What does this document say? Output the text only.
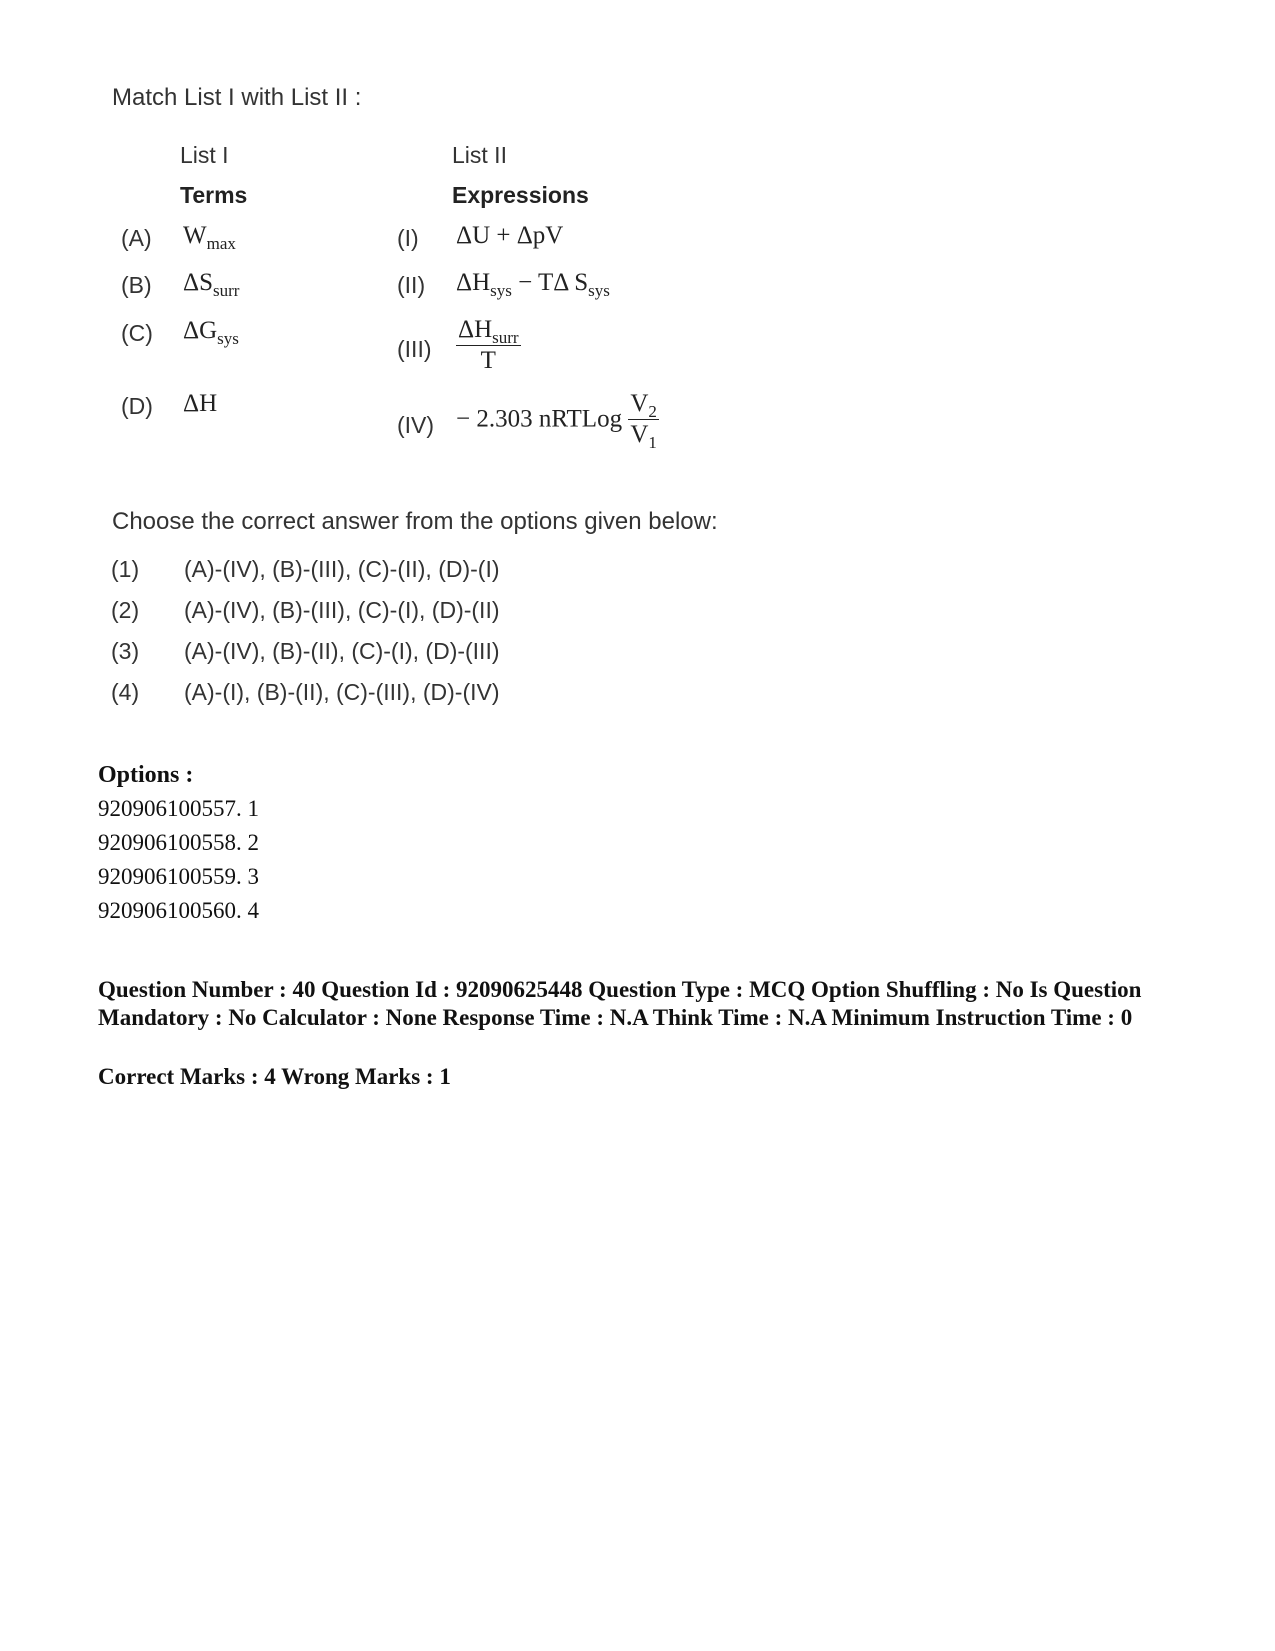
Match List I with List II :
List I
Terms
List II
Expressions
(A) $W_{max}$
(B) $\Delta S_{surr}$
(C) $\Delta G_{sys}$
(D) ΔH
(I) ΔU + ΔpV
(II) $\Delta H_{sys} - T\Delta$ $S_{sys}$
$(III) \frac{\Delta H_{surr}}{T}$
(IV) − 2.303 nRTLog $\frac{V_2}{V_1}$
Choose the correct answer from the options given below:
(1) (A)-(IV), (B)-(III), (C)-(II), (D)-(I)
(2) (A)-(IV), (B)-(III), (C)-(I), (D)-(II)
(3) (A)-(IV), (B)-(II), (C)-(I), (D)-(III)
(4) (A)-(I), (B)-(II), (C)-(III), (D)-(IV)
Options :
920906100557. 1
920906100558. 2
920906100559. 3
920906100560. 4
Question Number : 40 Question Id : 92090625448 Question Type : MCQ Option Shuffling : No Is Question Mandatory : No Calculator : None Response Time : N.A Think Time : N.A Minimum Instruction Time : 0
Correct Marks : 4 Wrong Marks : 1
